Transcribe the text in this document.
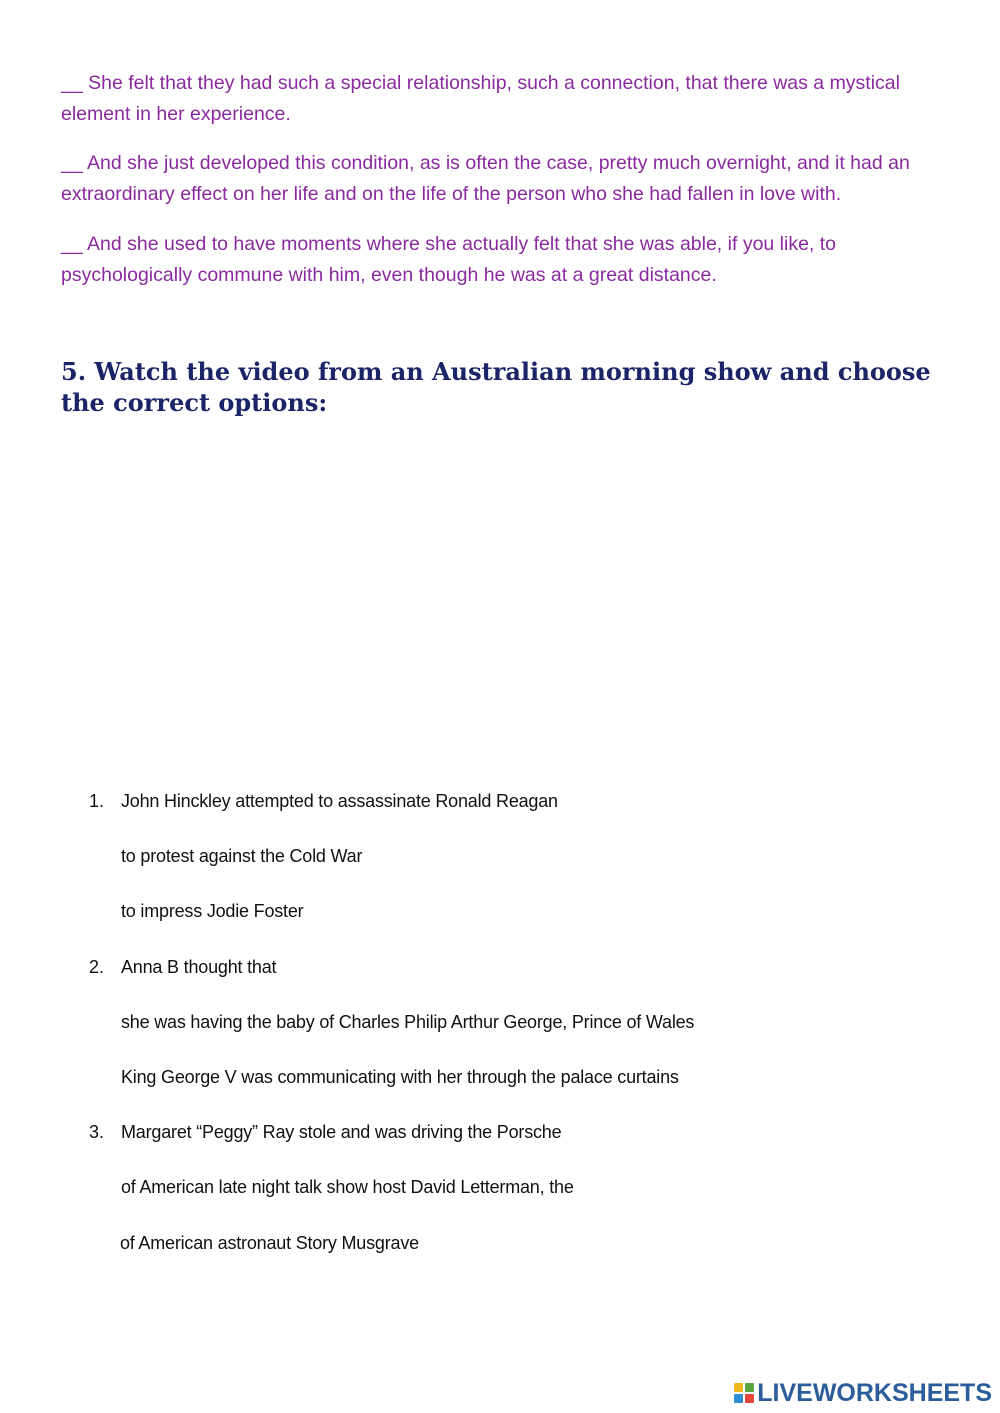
__ She felt that they had such a special relationship, such a connection, that there was a mystical element in her experience.

__ And she just developed this condition, as is often the case, pretty much overnight, and it had an extraordinary effect on her life and on the life of the person who she had fallen in love with.

__ And she used to have moments where she actually felt that she was able, if you like, to psychologically commune with him, even though he was at a great distance.

5. Watch the video from an Australian morning show and choose the correct options:
1. John Hinckley attempted to assassinate Ronald Reagan
to protest against the Cold War
to impress Jodie Foster
2. Anna B thought that
she was having the baby of Charles Philip Arthur George, Prince of Wales
King George V was communicating with her through the palace curtains
3. Margaret “Peggy” Ray stole and was driving the Porsche
of American late night talk show host David Letterman, the
of American astronaut Story Musgrave
LIVEWORKSHEETS
